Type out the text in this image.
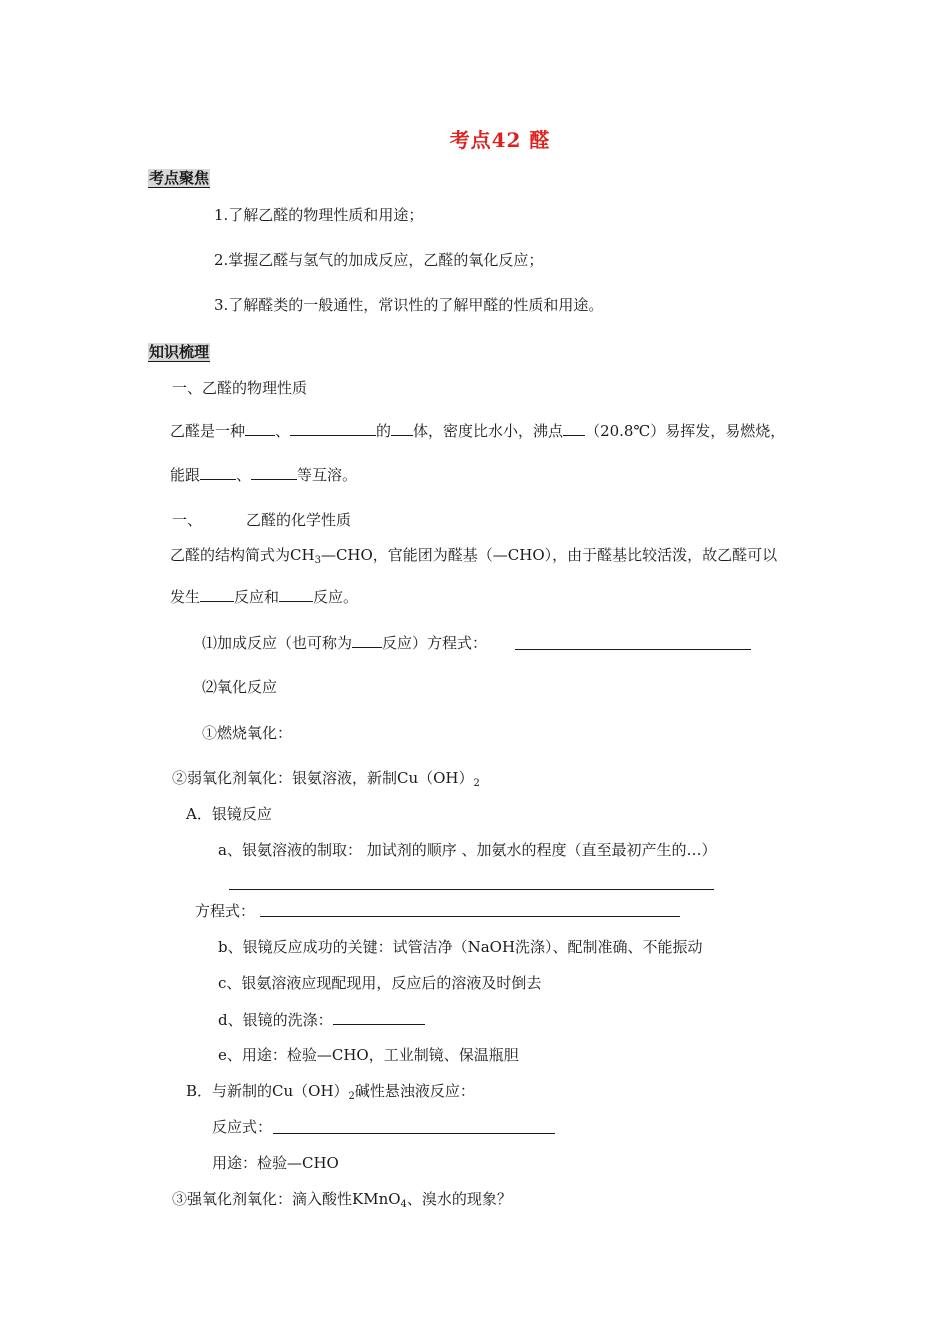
考点42 醛
考点聚焦
1.了解乙醛的物理性质和用途；
2.掌握乙醛与氢气的加成反应，乙醛的氧化反应；
3.了解醛类的一般通性，常识性的了解甲醛的性质和用途。
知识梳理
一、乙醛的物理性质
乙醛是一种 、	的 体，密度比水小，沸点 （20.8℃）易挥发，易燃烧，
能跟 、	等互溶。
一、	乙醛的化学性质
乙醛的结构简式为$CH_3—CHO$，官能团为醛基（—CHO），由于醛基比较活泼，故乙醛可以
发生 反应和 反应。
⑴加成反应（也可称为 反应）方程式：
⑵氧化反应
①燃烧氧化：
②弱氧化剂氧化：银氨溶液，新制$Cu(OH)_2$
A．银镜反应
a、银氨溶液的制取： 加试剂的顺序 、加氨水的程度（直至最初产生的…）
方程式：
b、银镜反应成功的关键：试管洁净（NaOH洗涤）、配制准确、不能振动
c、银氨溶液应现配现用，反应后的溶液及时倒去
d、银镜的洗涤：
e、用途：检验—CHO，工业制镜、保温瓶胆
B．与新制的$Cu(OH)_2$碱性悬浊液反应：
反应式：
用途：检验—CHO
③强氧化剂氧化：滴入酸性KMnO$_4$、溴水的现象？
